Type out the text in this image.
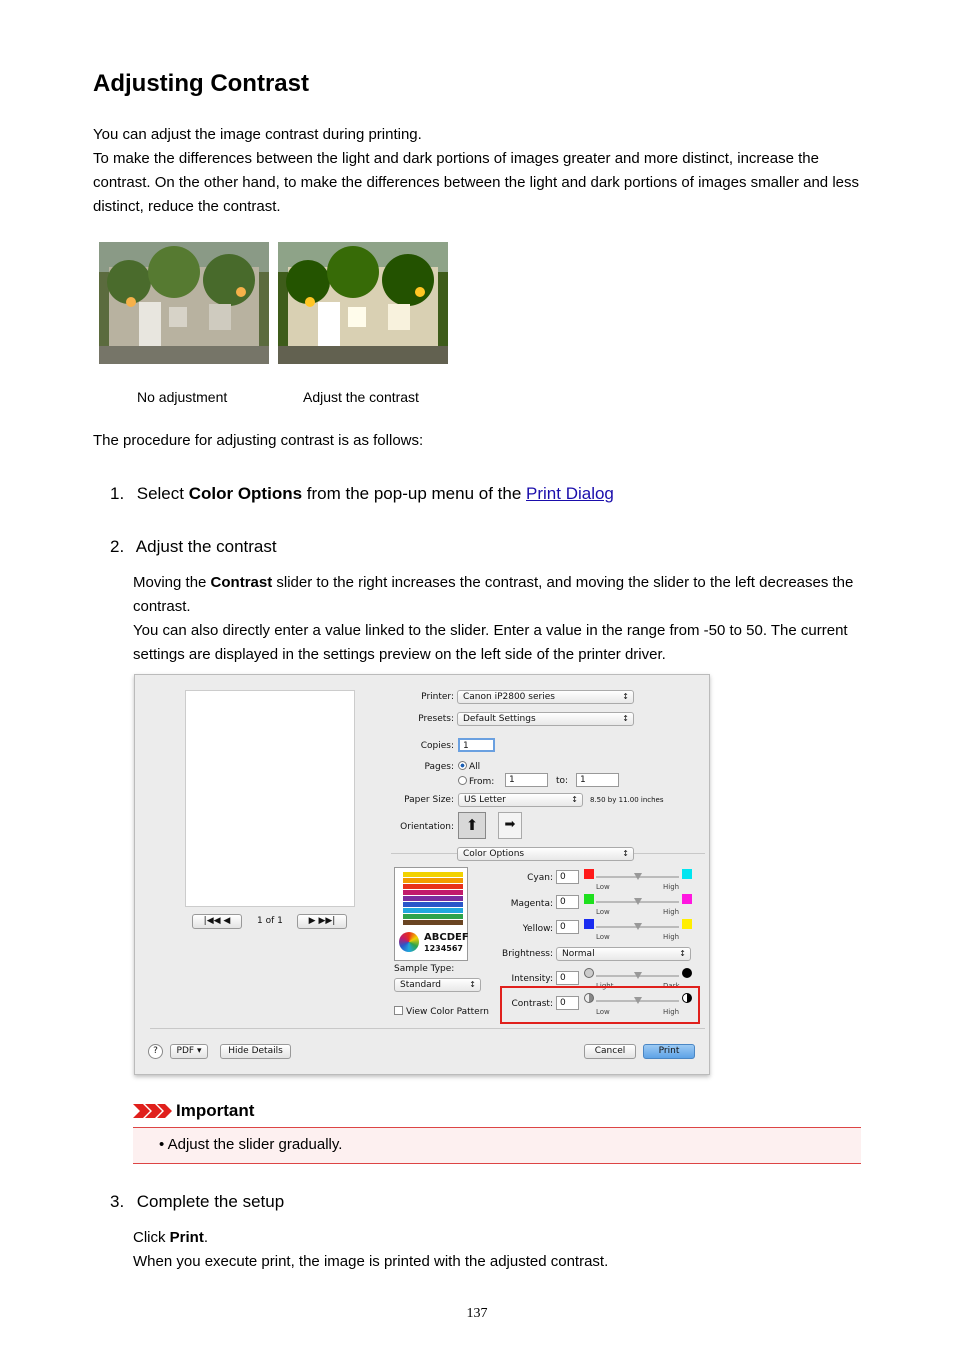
Adjusting Contrast
You can adjust the image contrast during printing.
To make the differences between the light and dark portions of images greater and more distinct, increase the contrast. On the other hand, to make the differences between the light and dark portions of images smaller and less distinct, reduce the contrast.
No adjustment	Adjust the contrast
The procedure for adjusting contrast is as follows:
1. Select Color Options from the pop-up menu of the Print Dialog
2. Adjust the contrast
Moving the Contrast slider to the right increases the contrast, and moving the slider to the left decreases the contrast.
You can also directly enter a value linked to the slider. Enter a value in the range from -50 to 50. The current settings are displayed in the settings preview on the left side of the printer driver.
|◀◀ ◀	1 of 1	▶ ▶▶|
Printer:	Canon iP2800 series ↕
Presets:	Default Settings ↕
Copies:	1
Pages:	All
From:	1	to:	1
Paper Size:	US Letter ↕	8.50 by 11.00 inches
Orientation: ⬆	➡
Color Options ↕
ABCDEF
1234567
Sample Type:
Standard ↕
View Color Pattern
Cyan: 0
Low	High
Magenta: 0
Low	High
Yellow: 0
Low	High
Brightness:	Normal ↕
Intensity: 0
Light	Dark
Contrast: 0
Low	High
?	PDF ▾	Hide Details	Cancel	Print
Important
• Adjust the slider gradually.
3. Complete the setup
Click Print.
When you execute print, the image is printed with the adjusted contrast.
137
